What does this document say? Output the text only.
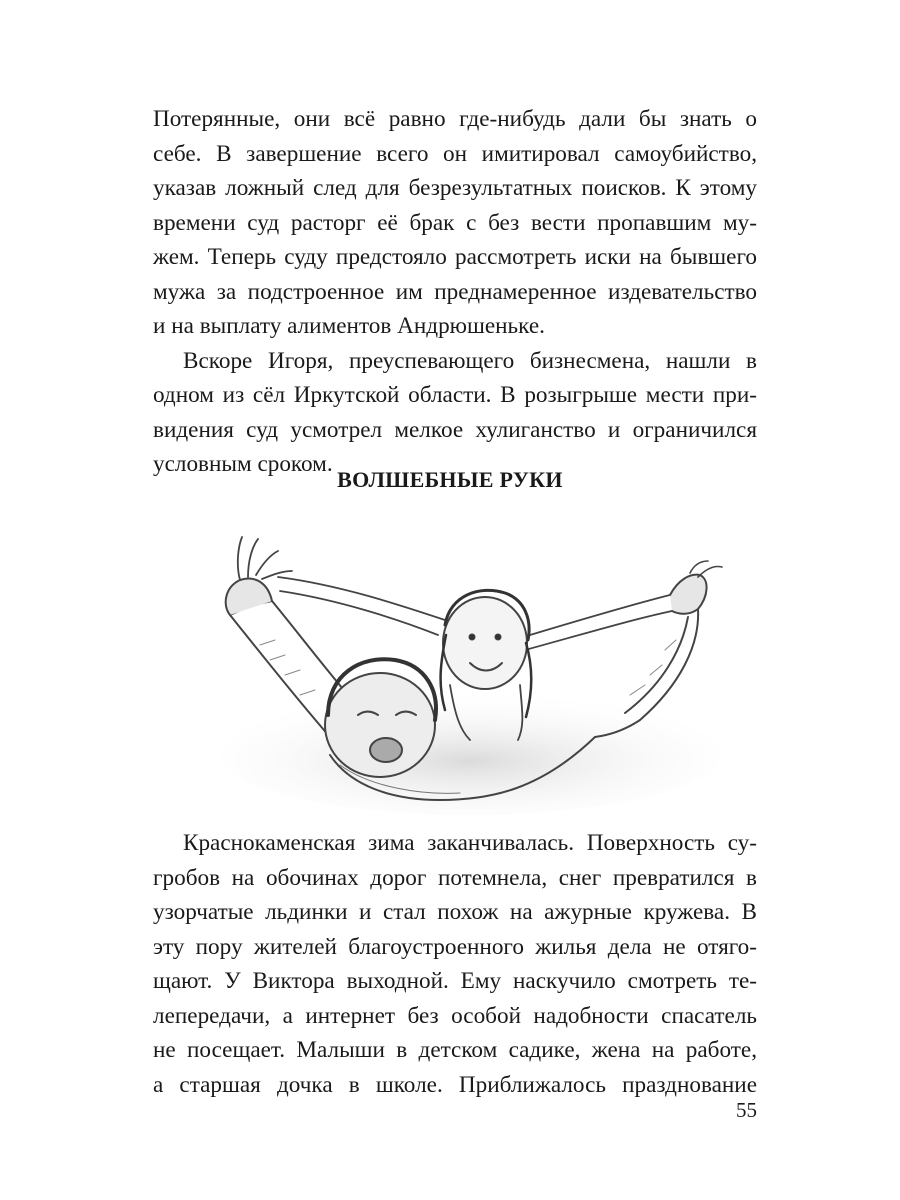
Потерянные, они всё равно где-нибудь дали бы знать о
себе. В завершение всего он имитировал самоубийство,
указав ложный след для безрезультатных поисков. К этому
времени суд расторг её брак с без вести пропавшим му-
жем. Теперь суду предстояло рассмотреть иски на бывшего
мужа за подстроенное им преднамеренное издевательство
и на выплату алиментов Андрюшеньке.
Вскоре Игоря, преуспевающего бизнесмена, нашли в
одном из сёл Иркутской области. В розыгрыше мести при-
видения суд усмотрел мелкое хулиганство и ограничился
условным сроком.
ВОЛШЕБНЫЕ РУКИ
Краснокаменская зима заканчивалась. Поверхность су-
гробов на обочинах дорог потемнела, снег превратился в
узорчатые льдинки и стал похож на ажурные кружева. В
эту пору жителей благоустроенного жилья дела не отяго-
щают. У Виктора выходной. Ему наскучило смотреть те-
лепередачи, а интернет без особой надобности спасатель
не посещает. Малыши в детском садике, жена на работе,
а старшая дочка в школе. Приближалось празднование
55
